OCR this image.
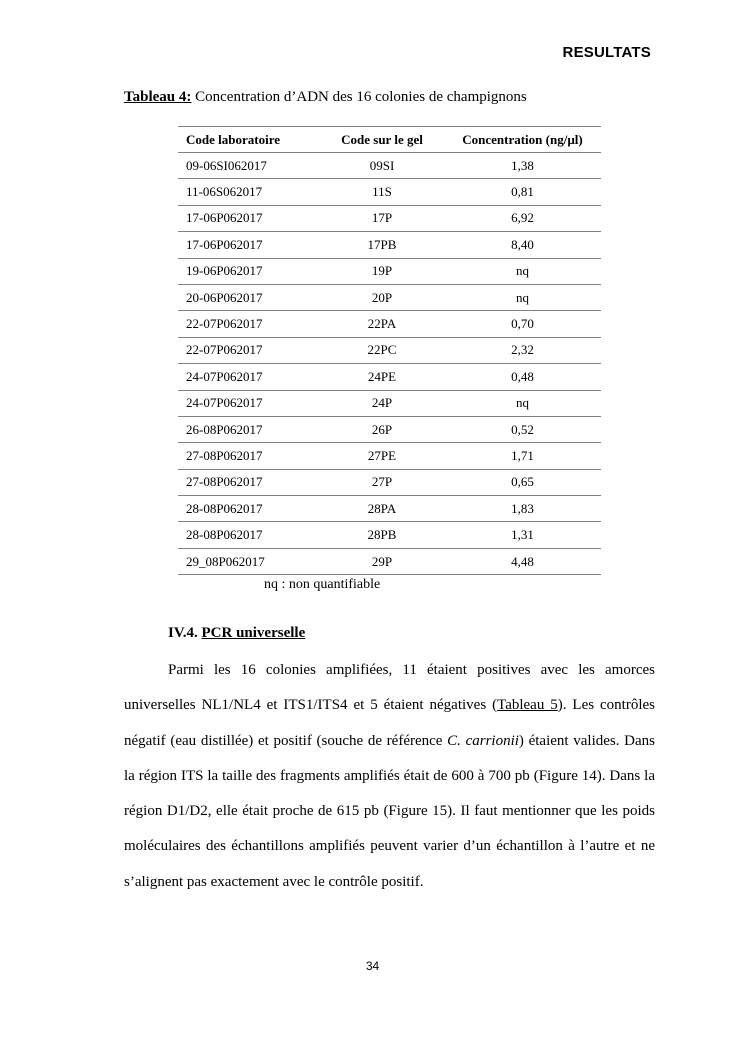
RESULTATS
Tableau 4: Concentration d’ADN des 16 colonies de champignons
Code laboratoire	Code sur le gel	Concentration (ng/µl)
09-06SI062017	09SI	1,38
11-06S062017	11S	0,81
17-06P062017	17P	6,92
17-06P062017	17PB	8,40
19-06P062017	19P	nq
20-06P062017	20P	nq
22-07P062017	22PA	0,70
22-07P062017	22PC	2,32
24-07P062017	24PE	0,48
24-07P062017	24P	nq
26-08P062017	26P	0,52
27-08P062017	27PE	1,71
27-08P062017	27P	0,65
28-08P062017	28PA	1,83
28-08P062017	28PB	1,31
29_08P062017	29P	4,48
nq : non quantifiable
IV.4. PCR universelle
Parmi les 16 colonies amplifiées, 11 étaient positives avec les amorces universelles NL1/NL4 et ITS1/ITS4 et 5 étaient négatives (Tableau 5). Les contrôles négatif (eau distillée) et positif (souche de référence C. carrionii) étaient valides. Dans la région ITS la taille des fragments amplifiés était de 600 à 700 pb (Figure 14). Dans la région D1/D2, elle était proche de 615 pb (Figure 15). Il faut mentionner que les poids moléculaires des échantillons amplifiés peuvent varier d’un échantillon à l’autre et ne s’alignent pas exactement avec le contrôle positif.
34
